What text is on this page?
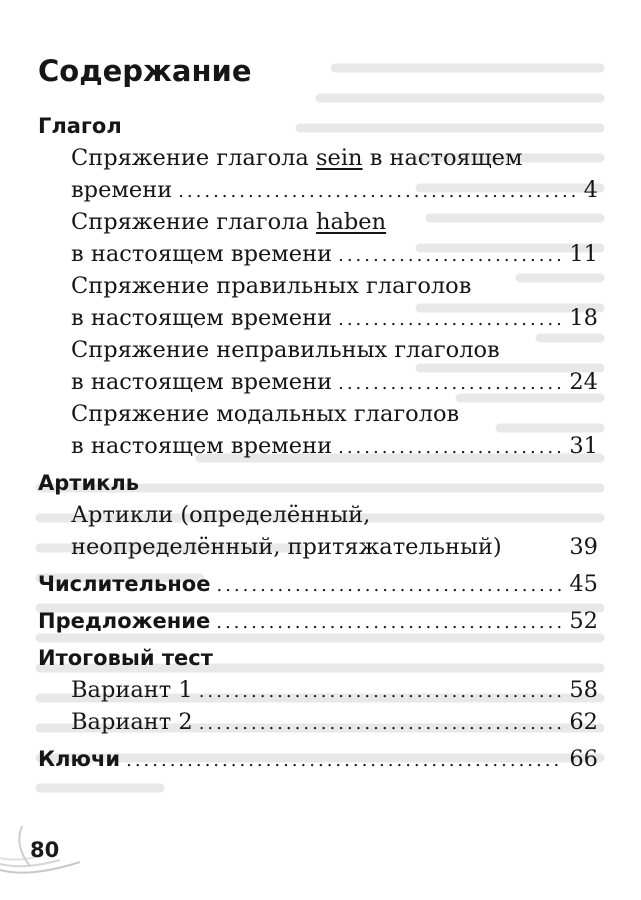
Содержание
Глагол
Спряжение глагола sein в настоящем
времени .....	4
Спряжение глагола haben
в настоящем времени .....	11
Спряжение правильных глаголов
в настоящем времени .....	18
Спряжение неправильных глаголов
в настоящем времени .....	24
Спряжение модальных глаголов
в настоящем времени .....	31
Артикль
Артикли (определённый,
неопределённый, притяжательный)	39
Числительное .....	45
Предложение .....	52
Итоговый тест
Вариант 1 .....	58
Вариант 2 .....	62
Ключи .....	66
80
